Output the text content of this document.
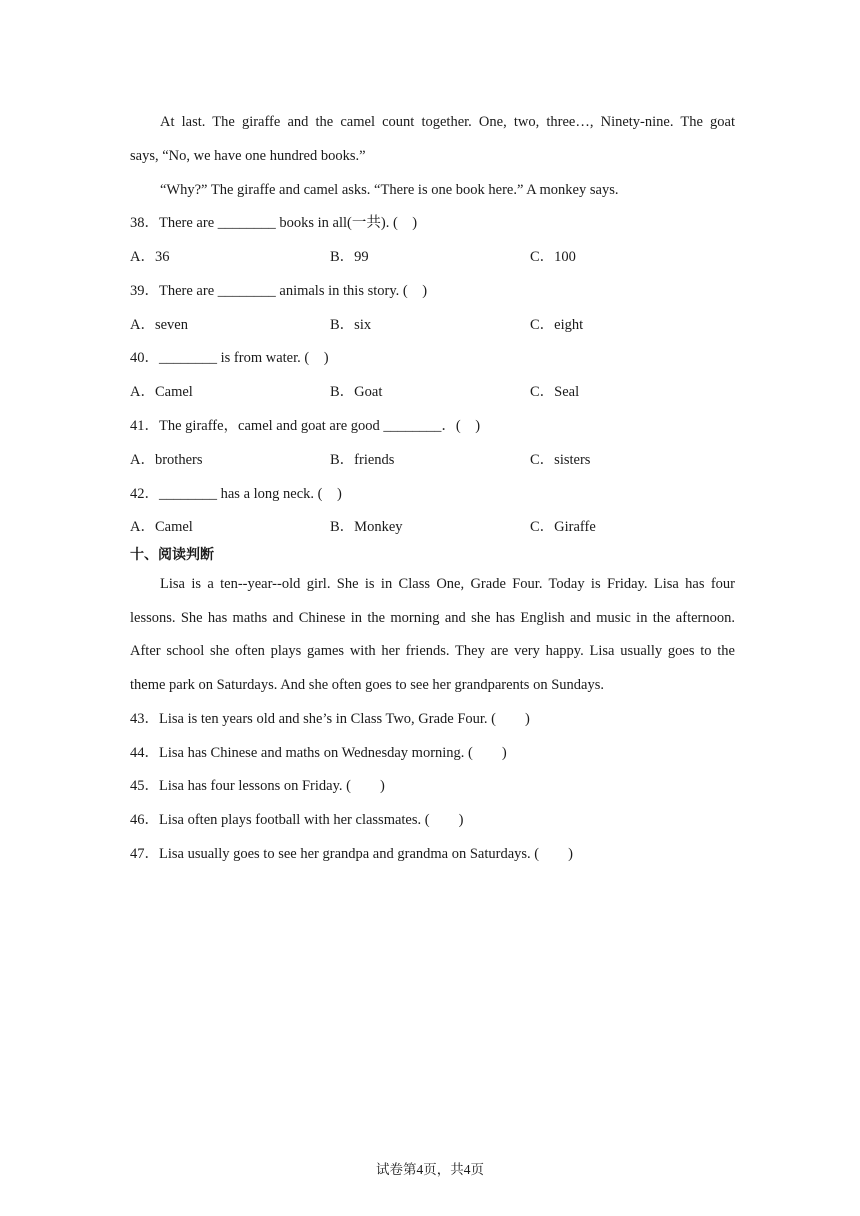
At last. The giraffe and the camel count together. One, two, three…, Ninety-nine. The goat
says, “No, we have one hundred books.”
“Why?” The giraffe and camel asks. “There is one book here.” A monkey says.
38．There are ________ books in all(一共). (　)
A．36	B．99	C．100
39．There are ________ animals in this story. (　)
A．seven	B．six	C．eight
40．________ is from water. (　)
A．Camel	B．Goat	C．Seal
41．The giraffe，camel and goat are good ________．(　)
A．brothers	B．friends	C．sisters
42．________ has a long neck. (　)
A．Camel	B．Monkey	C．Giraffe
十、阅读判断
Lisa is a ten--year--old girl. She is in Class One, Grade Four. Today is Friday. Lisa has four
lessons. She has maths and Chinese in the morning and she has English and music in the afternoon.
After school she often plays games with her friends. They are very happy. Lisa usually goes to the
theme park on Saturdays. And she often goes to see her grandparents on Sundays.
43．Lisa is ten years old and she’s in Class Two, Grade Four. (　　)
44．Lisa has Chinese and maths on Wednesday morning. (　　)
45．Lisa has four lessons on Friday. (　　)
46．Lisa often plays football with her classmates. (　　)
47．Lisa usually goes to see her grandpa and grandma on Saturdays. (　　)
试卷第4页，共4页
